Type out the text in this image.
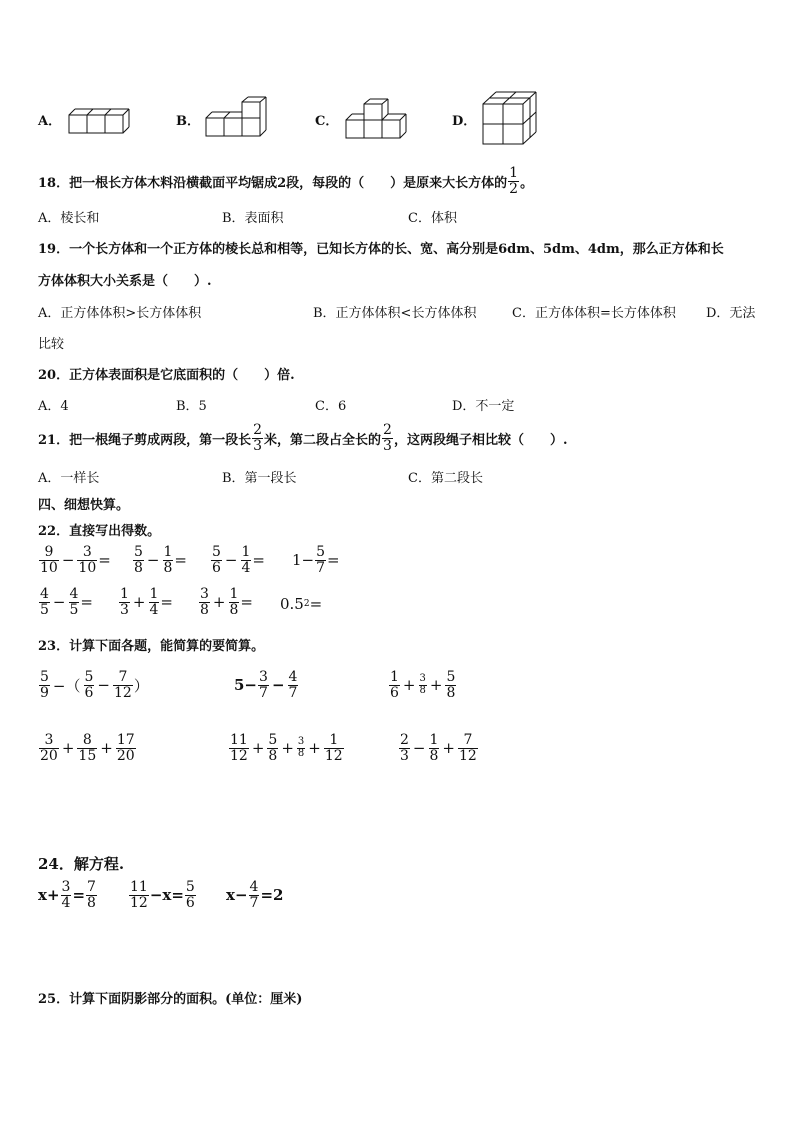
A．	B．	C．	D．
18．把一根长方体木料沿横截面平均锯成2段，每段的（　　）是原来大长方体的 $\frac{1}{2}$ 。
A．棱长和	B．表面积	C．体积
19．一个长方体和一个正方体的棱长总和相等，已知长方体的长、宽、高分别是6dm、5dm、4dm，那么正方体和长
方体体积大小关系是（　　）.
A．正方体体积>长方体体积	B．正方体体积<长方体体积	C．正方体体积=长方体体积 D．无法
比较
20．正方体表面积是它底面积的（　　）倍.
A．4	B．5	C．6	D．不一定
21．把一根绳子剪成两段，第一段长 $\frac{2}{3}$ 米，第二段占全长的 $\frac{2}{3}$ ，这两段绳子相比较（　　）.
A．一样长	B．第一段长	C．第二段长
四、细想快算。
22．直接写出得数。
$\frac{9}{10} - \frac{3}{10} = \frac{5}{8} - \frac{1}{8} = \frac{5}{6} - \frac{1}{4} = 1- \frac{5}{7}$ =
$\frac{4}{5} - \frac{4}{5} = \frac{1}{3} + \frac{1}{4} = \frac{3}{8} + \frac{1}{8} = 0.5$ 2 =
23．计算下面各题，能简算的要简算。
$\frac{5}{9}$ −（ $\frac{5}{6} - \frac{7}{12}$ ）	$5- \frac{3}{7} - \frac{4}{7}$	$\frac{1}{6} + \frac{3}{8} + \frac{5}{8}$
$\frac{3}{20} + \frac{8}{15} + \frac{17}{20}$	$\frac{11}{12} + \frac{5}{8} + \frac{3}{8} + \frac{1}{12}$	$\frac{2}{3} - \frac{1}{8} + \frac{7}{12}$
24．解方程.
$x+ \frac{3}{4} = \frac{7}{8} \frac{11}{12} -x= \frac{5}{6} x- \frac{4}{7} =2$
25．计算下面阴影部分的面积。(单位：厘米)
